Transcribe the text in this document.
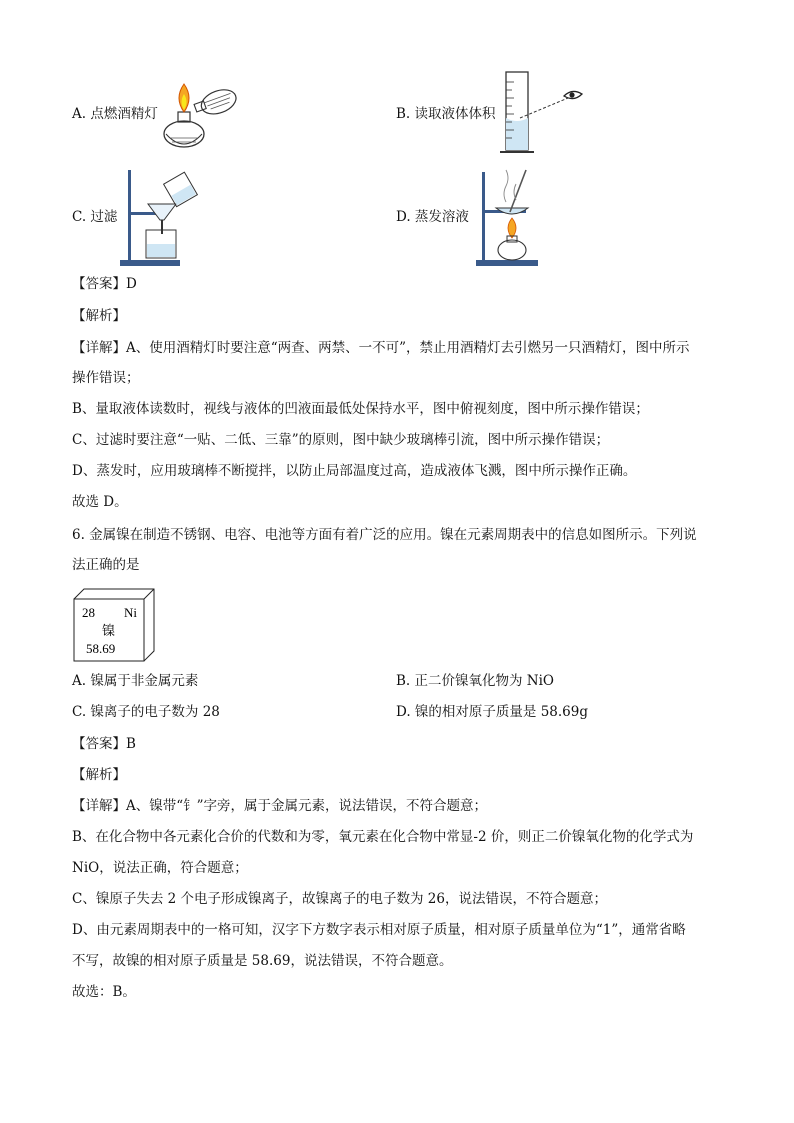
A. 点燃酒精灯	B. 读取液体体积
C. 过滤	D. 蒸发溶液
【答案】D
【解析】
【详解】A、使用酒精灯时要注意“两查、两禁、一不可”，禁止用酒精灯去引燃另一只酒精灯，图中所示
操作错误；
B、量取液体读数时，视线与液体的凹液面最低处保持水平，图中俯视刻度，图中所示操作错误；
C、过滤时要注意“一贴、二低、三靠”的原则，图中缺少玻璃棒引流，图中所示操作错误；
D、蒸发时，应用玻璃棒不断搅拌，以防止局部温度过高，造成液体飞溅，图中所示操作正确。
故选 D。
6. 金属镍在制造不锈钢、电容、电池等方面有着广泛的应用。镍在元素周期表中的信息如图所示。下列说
法正确的是
28 Ni
镍
58.69
A. 镍属于非金属元素	B. 正二价镍氧化物为 NiO
C. 镍离子的电子数为 28	D. 镍的相对原子质量是 58.69g
【答案】B
【解析】
【详解】A、镍带“钅”字旁，属于金属元素，说法错误，不符合题意；
B、在化合物中各元素化合价的代数和为零，氧元素在化合物中常显-2 价，则正二价镍氧化物的化学式为
NiO，说法正确，符合题意；
C、镍原子失去 2 个电子形成镍离子，故镍离子的电子数为 26，说法错误，不符合题意；
D、由元素周期表中的一格可知，汉字下方数字表示相对原子质量，相对原子质量单位为“1”，通常省略
不写，故镍的相对原子质量是 58.69，说法错误，不符合题意。
故选：B。
